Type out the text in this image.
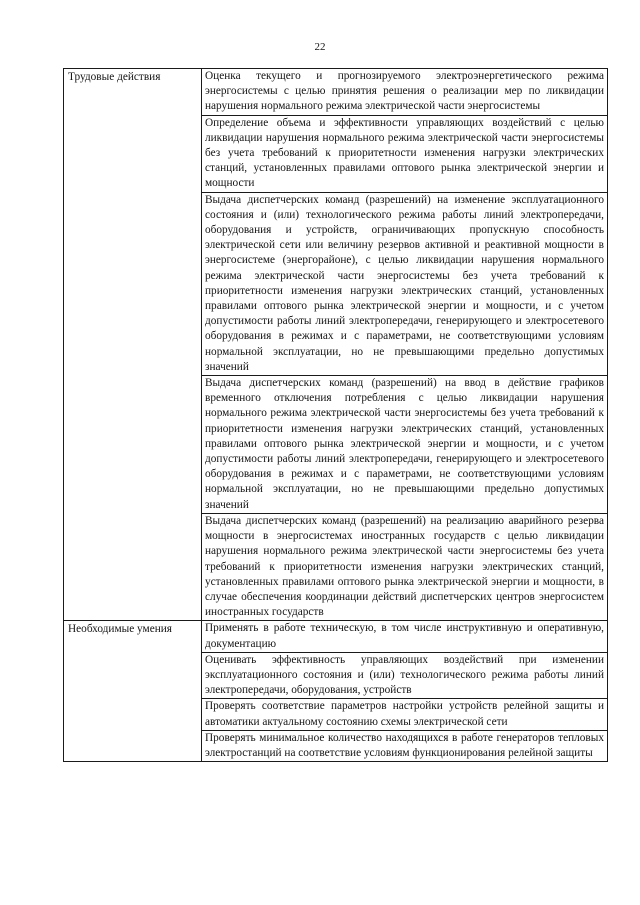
22
Трудовые действия	Оценка текущего и прогнозируемого электроэнергетического режима энергосистемы с целью принятия решения о реализации мер по ликвидации нарушения нормального режима электрической части энергосистемы
	Определение объема и эффективности управляющих воздействий с целью ликвидации нарушения нормального режима электрической части энергосистемы без учета требований к приоритетности изменения нагрузки электрических станций, установленных правилами оптового рынка электрической энергии и мощности
	Выдача диспетчерских команд (разрешений) на изменение эксплуатационного состояния и (или) технологического режима работы линий электропередачи, оборудования и устройств, ограничивающих пропускную способность электрической сети или величину резервов активной и реактивной мощности в энергосистеме (энергорайоне), с целью ликвидации нарушения нормального режима электрической части энергосистемы без учета требований к приоритетности изменения нагрузки электрических станций, установленных правилами оптового рынка электрической энергии и мощности, и с учетом допустимости работы линий электропередачи, генерирующего и электросетевого оборудования в режимах и с параметрами, не соответствующими условиям нормальной эксплуатации, но не превышающими предельно допустимых значений
	Выдача диспетчерских команд (разрешений) на ввод в действие графиков временного отключения потребления с целью ликвидации нарушения нормального режима электрической части энергосистемы без учета требований к приоритетности изменения нагрузки электрических станций, установленных правилами оптового рынка электрической энергии и мощности, и с учетом допустимости работы линий электропередачи, генерирующего и электросетевого оборудования в режимах и с параметрами, не соответствующими условиям нормальной эксплуатации, но не превышающими предельно допустимых значений
	Выдача диспетчерских команд (разрешений) на реализацию аварийного резерва мощности в энергосистемах иностранных государств с целью ликвидации нарушения нормального режима электрической части энергосистемы без учета требований к приоритетности изменения нагрузки электрических станций, установленных правилами оптового рынка электрической энергии и мощности, в случае обеспечения координации действий диспетчерских центров энергосистем иностранных государств
Необходимые умения	Применять в работе техническую, в том числе инструктивную и оперативную, документацию
	Оценивать эффективность управляющих воздействий при изменении эксплуатационного состояния и (или) технологического режима работы линий электропередачи, оборудования, устройств
	Проверять соответствие параметров настройки устройств релейной защиты и автоматики актуальному состоянию схемы электрической сети
	Проверять минимальное количество находящихся в работе генераторов тепловых электростанций на соответствие условиям функционирования релейной защиты
